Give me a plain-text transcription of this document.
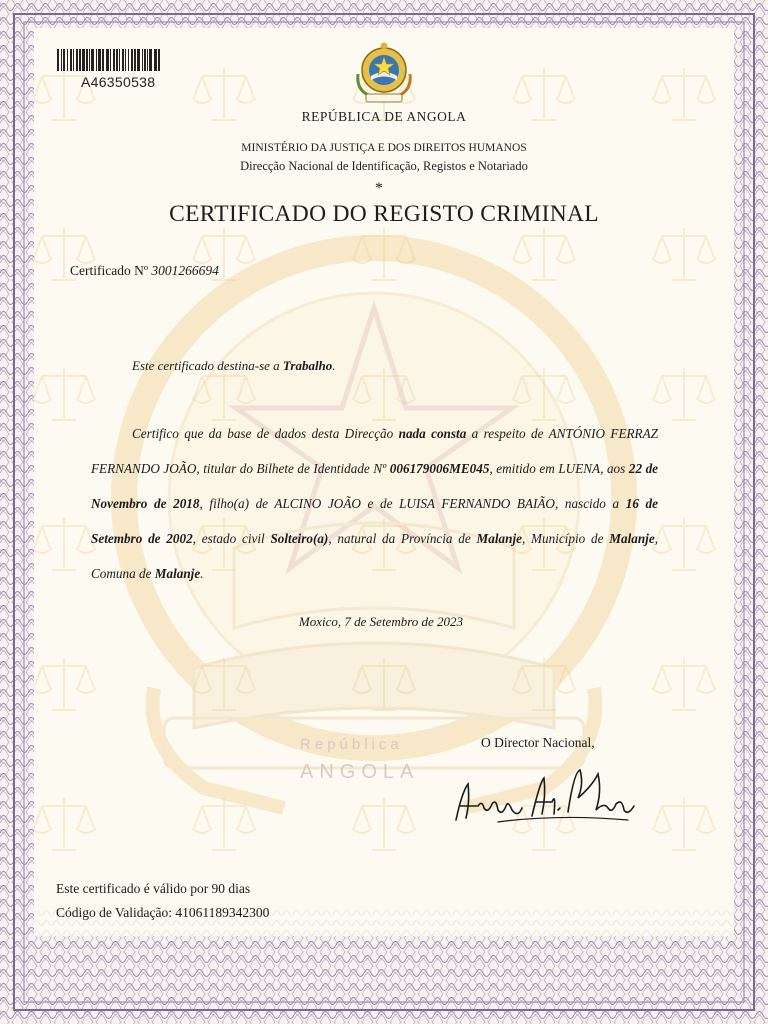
A46350538
REPÚBLICA DE ANGOLA
MINISTÉRIO DA JUSTIÇA E DOS DIREITOS HUMANOS
Direcção Nacional de Identificação, Registos e Notariado
*
CERTIFICADO DO REGISTO CRIMINAL
Certificado Nº 3001266694
Este certificado destina-se a Trabalho.
Certifico que da base de dados desta Direcção nada consta a respeito de ANTÓNIO FERRAZ FERNANDO JOÃO, titular do Bilhete de Identidade Nº 006179006ME045, emitido em LUENA, aos 22 de Novembro de 2018, filho(a) de ALCINO JOÃO e de LUISA FERNANDO BAIÃO, nascido a 16 de Setembro de 2002, estado civil Solteiro(a), natural da Província de Malanje, Município de Malanje, Comuna de Malanje.
Moxico, 7 de Setembro de 2023
República
ANGOLA
O Director Nacional,
Este certificado é válido por 90 dias
Código de Validação: 41061189342300
